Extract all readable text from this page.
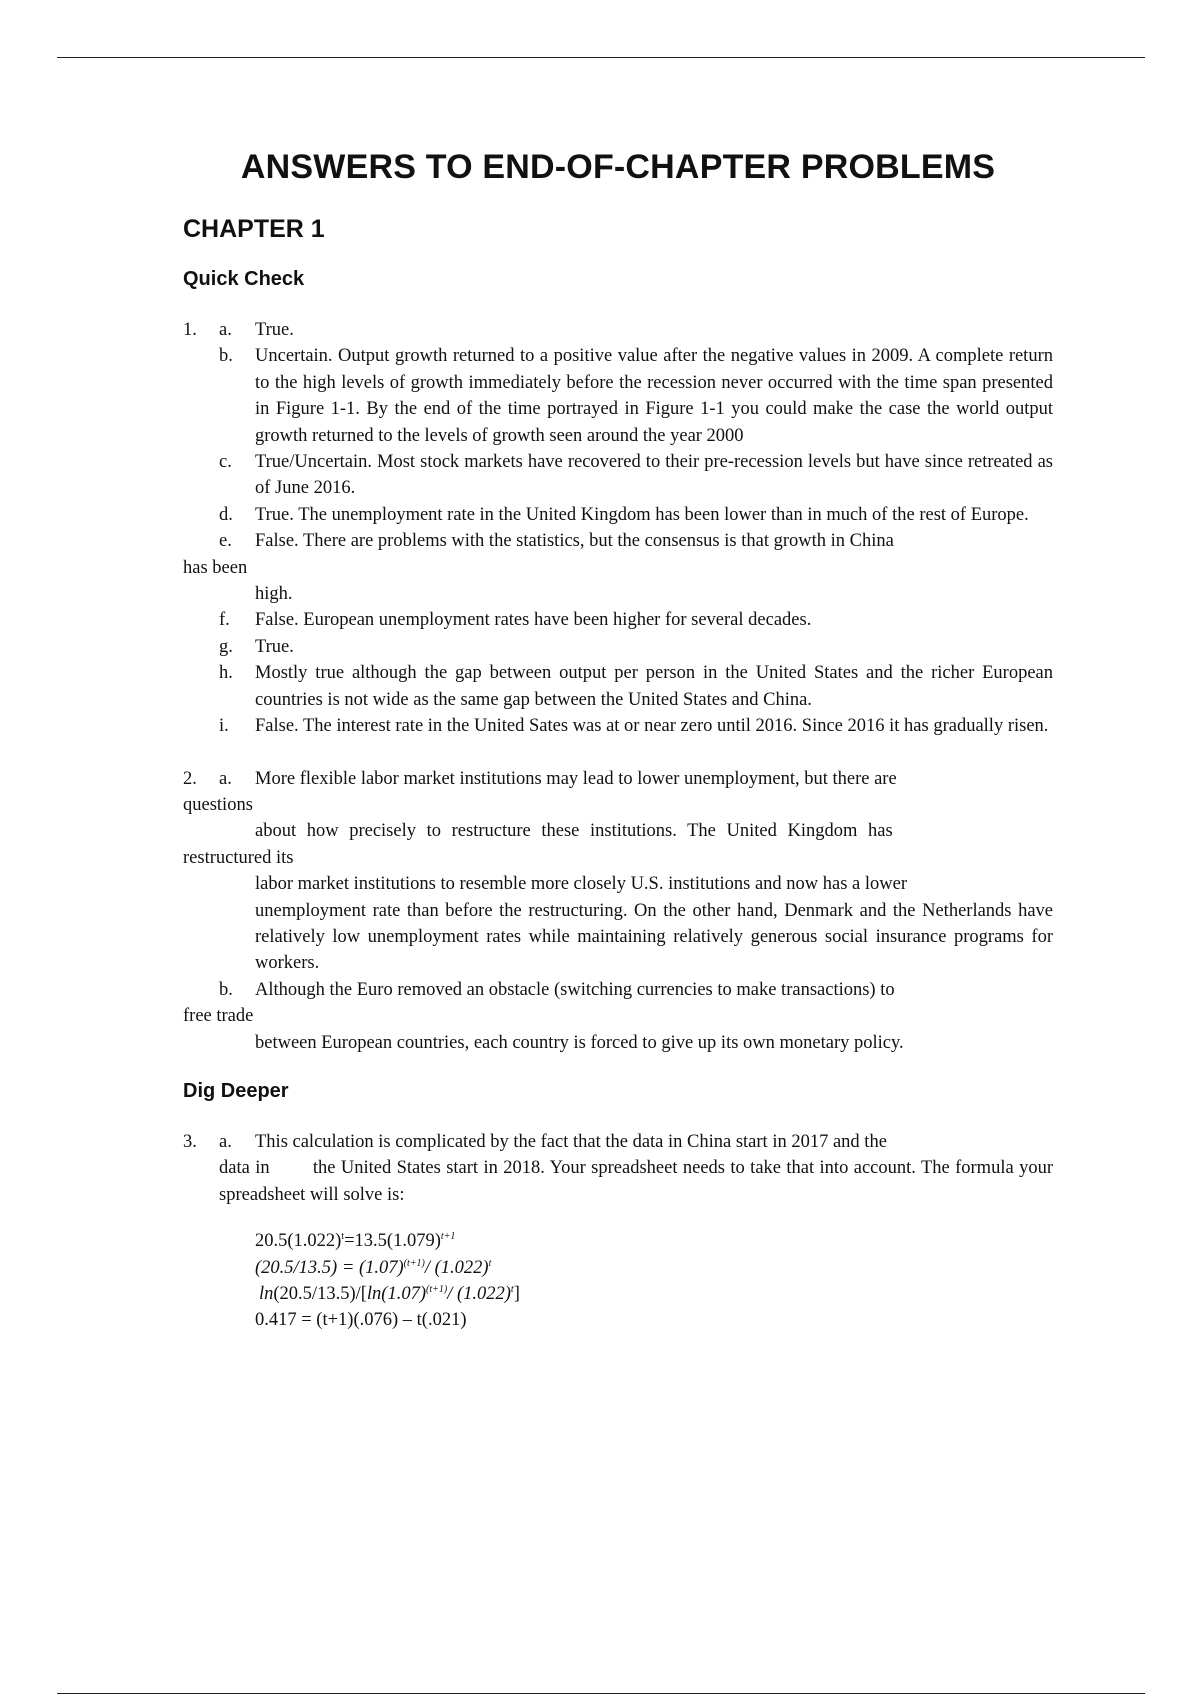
ANSWERS TO END-OF-CHAPTER PROBLEMS
CHAPTER 1
Quick Check
1. a. True.
b. Uncertain. Output growth returned to a positive value after the negative values in 2009. A complete return to the high levels of growth immediately before the recession never occurred with the time span presented in Figure 1-1. By the end of the time portrayed in Figure 1-1 you could make the case the world output growth returned to the levels of growth seen around the year 2000
c. True/Uncertain. Most stock markets have recovered to their pre-recession levels but have since retreated as of June 2016.
d. True. The unemployment rate in the United Kingdom has been lower than in much of the rest of Europe.
e. False. There are problems with the statistics, but the consensus is that growth in China
has been
high.
f. False. European unemployment rates have been higher for several decades.
g. True.
h. Mostly true although the gap between output per person in the United States and the richer European countries is not wide as the same gap between the United States and China.
i. False. The interest rate in the United Sates was at or near zero until 2016. Since 2016 it has gradually risen.
2. a. More flexible labor market institutions may lead to lower unemployment, but there are
questions
about how precisely to restructure these institutions. The United Kingdom has
restructured its
labor market institutions to resemble more closely U.S. institutions and now has a lower
unemployment rate than before the restructuring. On the other hand, Denmark and the Netherlands have relatively low unemployment rates while maintaining relatively generous social insurance programs for workers.
b. Although the Euro removed an obstacle (switching currencies to make transactions) to
free trade
between European countries, each country is forced to give up its own monetary policy.
Dig Deeper
3. a. This calculation is complicated by the fact that the data in China start in 2017 and the
data in        the United States start in 2018. Your spreadsheet needs to take that into account. The formula your     spreadsheet will solve is:
$20.5(1.022)^t=13.5(1.079)^{t+1}$
$(20.5/13.5) = (1.07)^{(t+1)}/$ $(1.022)^t$
$\ln(20.5/13.5)/[\ln(1.07)^{(t+1)}/$ $(1.022)^t$]
0.417 = (t+1)(.076) – t(.021)
